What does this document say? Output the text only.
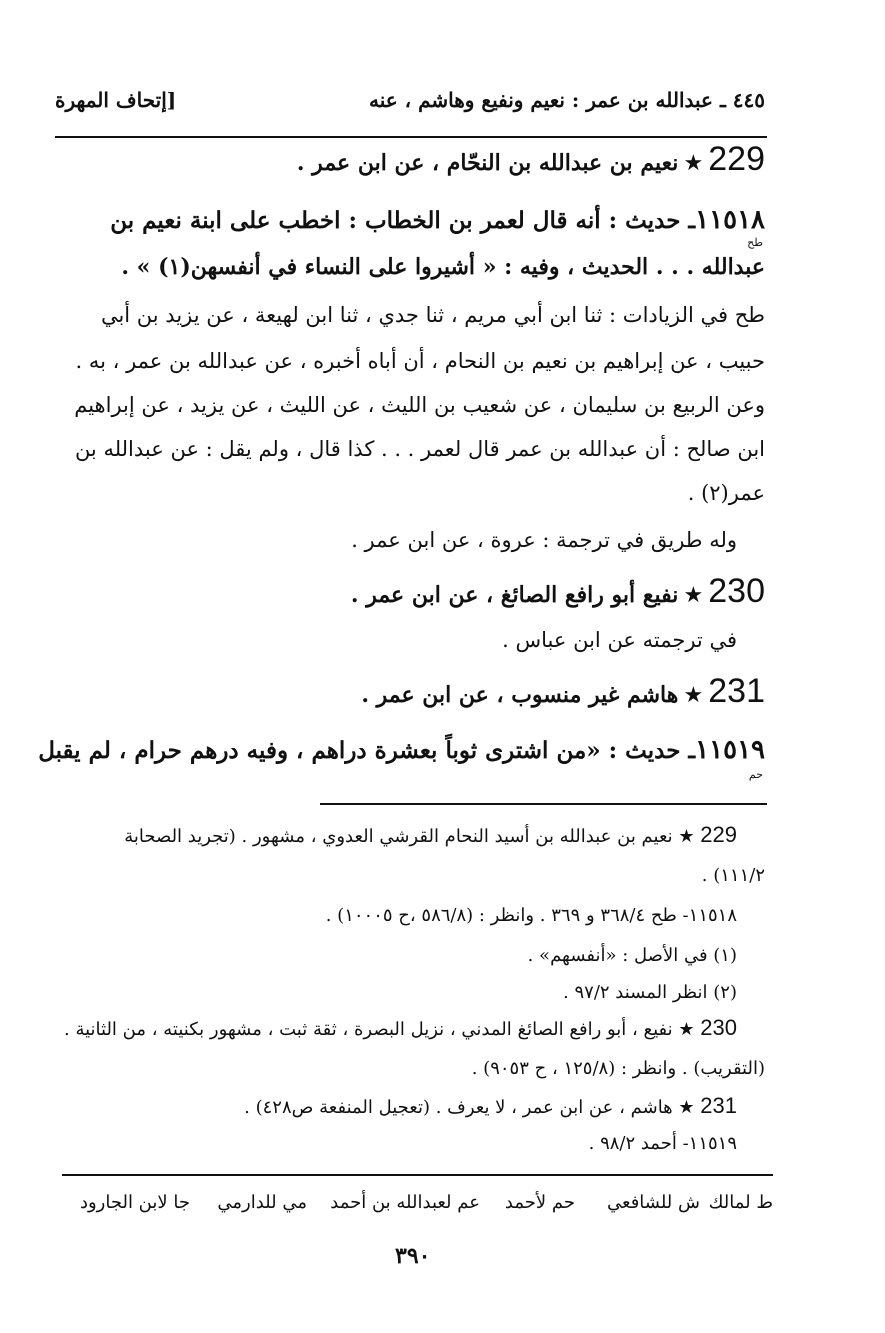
٤٤٥ ـ عبدالله بن عمر : نعيم ونفيع وهاشم ، عنه
[إتحاف المهرة
229 ★ نعيم بن عبدالله بن النحّام ، عن ابن عمر .
١١٥١٨ـ حديث : أنه قال لعمر بن الخطاب : اخطب على ابنة نعيم بن
طح
عبدالله . . . الحديث ، وفيه : « أشيروا على النساء في أنفسهن(١) » .
طح في الزيادات : ثنا ابن أبي مريم ، ثنا جدي ، ثنا ابن لهيعة ، عن يزيد بن أبي
حبيب ، عن إبراهيم بن نعيم بن النحام ، أن أباه أخبره ، عن عبدالله بن عمر ، به .
وعن الربيع بن سليمان ، عن شعيب بن الليث ، عن الليث ، عن يزيد ، عن إبراهيم
ابن صالح : أن عبدالله بن عمر قال لعمر . . . كذا قال ، ولم يقل : عن عبدالله بن
عمر(٢) .
وله طريق في ترجمة : عروة ، عن ابن عمر .
230 ★ نفيع أبو رافع الصائغ ، عن ابن عمر .
في ترجمته عن ابن عباس .
231 ★ هاشم غير منسوب ، عن ابن عمر .
١١٥١٩ـ حديث : «من اشترى ثوباً بعشرة دراهم ، وفيه درهم حرام ، لم يقبل
حم
229 ★ نعيم بن عبدالله بن أسيد النحام القرشي العدوي ، مشهور . (تجريد الصحابة
١١١/٢) .
١١٥١٨- طح ٣٦٨/٤ و ٣٦٩ . وانظر : (٥٨٦/٨ ،ح ١٠٠٠٥) .
(١) في الأصل : «أنفسهم» .
(٢) انظر المسند ٩٧/٢ .
230 ★ نفيع ، أبو رافع الصائغ المدني ، نزيل البصرة ، ثقة ثبت ، مشهور بكنيته ، من الثانية .
(التقريب) . وانظر : (١٢٥/٨ ، ح ٩٠٥٣) .
231 ★ هاشم ، عن ابن عمر ، لا يعرف . (تعجيل المنفعة ص٤٢٨) .
١١٥١٩- أحمد ٩٨/٢ .
ط لمالك
ش للشافعي
حم لأحمد
عم لعبدالله بن أحمد
مي للدارمي
جا لابن الجارود
٣٩٠
